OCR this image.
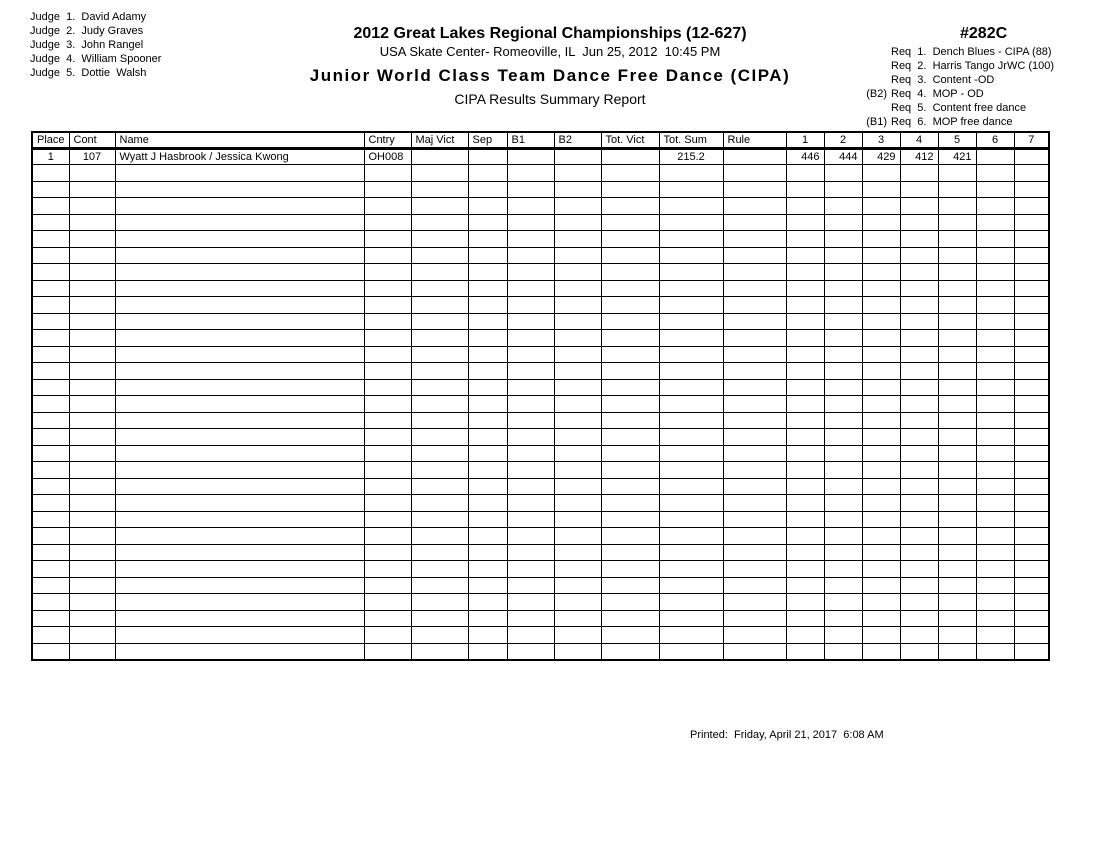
Judge  1.  David Adamy
Judge  2.  Judy Graves
Judge  3.  John Rangel
Judge  4.  William Spooner
Judge  5.  Dottie  Walsh
2012 Great Lakes Regional Championships (12-627)
USA Skate Center- Romeoville, IL  Jun 25, 2012  10:45 PM
Junior World Class Team Dance Free Dance (CIPA)
CIPA Results Summary Report
#282C
Req  1.  Dench Blues - CIPA (88)
Req  2.  Harris Tango JrWC (100)
Req  3.  Content -OD
(B2) Req  4.  MOP - OD
Req  5.  Content free dance
(B1) Req  6.  MOP free dance
Place	Cont	Name	Cntry	Maj Vict	Sep	B1	B2	Tot. Vict	Tot. Sum	Rule	1	2	3	4	5	6	7
1	107	Wyatt J Hasbrook / Jessica Kwong	OH008						215.2		446	444	429	412	421		

Printed:  Friday, April 21, 2017  6:08 AM
